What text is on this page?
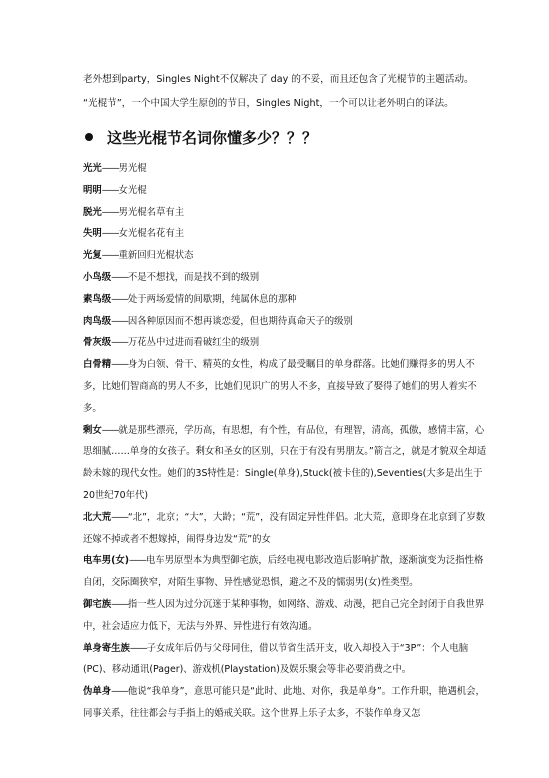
老外想到party，Singles Night不仅解决了 day 的不妥，而且还包含了光棍节的主题活动。

“光棍节”，一个中国大学生原创的节日，Singles Night，一个可以让老外明白的译法。

这些光棍节名词你懂多少？？？

光光——男光棍

明明——女光棍

脱光——男光棍名草有主

失明——女光棍名花有主

光复——重新回归光棍状态

小鸟级——不是不想找，而是找不到的级别

素鸟级——处于两场爱情的间歇期，纯属休息的那种

肉鸟级——因各种原因而不想再谈恋爱，但也期待真命天子的级别

骨灰级——万花丛中过进而看破红尘的级别

白骨精——身为白领、骨干、精英的女性，构成了最受瞩目的单身群落。比她们赚得多的男人不多，比她们智商高的男人不多，比她们见识广的男人不多，直接导致了娶得了她们的男人着实不多。

剩女——就是那些漂亮，学历高，有思想，有个性，有品位，有理智，清高，孤傲，感情丰富，心思细腻……单身的女孩子。剩女和圣女的区别，只在于有没有男朋友。”箭言之，就是才貌双全却适龄未嫁的现代女性。她们的3S特性是：Single(单身),Stuck(被卡住的),Seventies(大多是出生于20世纪70年代)

北大荒——“北”，北京；“大”，大龄；“荒”，没有固定异性伴侣。北大荒，意即身在北京到了岁数还嫁不掉或者不想嫁掉，闹得身边发“荒”的女

电车男(女)——电车男原型本为典型御宅族，后经电视电影改造后影响扩散，逐渐演变为泛指性格自闭，交际圈狭窄，对陌生事物、异性感觉恐惧，避之不及的懦弱男(女)性类型。

御宅族——指一些人因为过分沉迷于某种事物，如网络、游戏、动漫，把自己完全封闭于自我世界中，社会适应力低下，无法与外界、异性进行有效沟通。

单身寄生族——子女成年后仍与父母同住，借以节省生活开支，收入却投入于“3P”：个人电脑(PC)、移动通讯(Pager)、游戏机(Playstation)及娱乐聚会等非必要消费之中。

伪单身——他说“我单身”，意思可能只是“此时、此地、对你，我是单身”。工作升职，艳遇机会，同事关系，往往都会与手指上的婚戒关联。这个世界上乐子太多，不装作单身又怎
